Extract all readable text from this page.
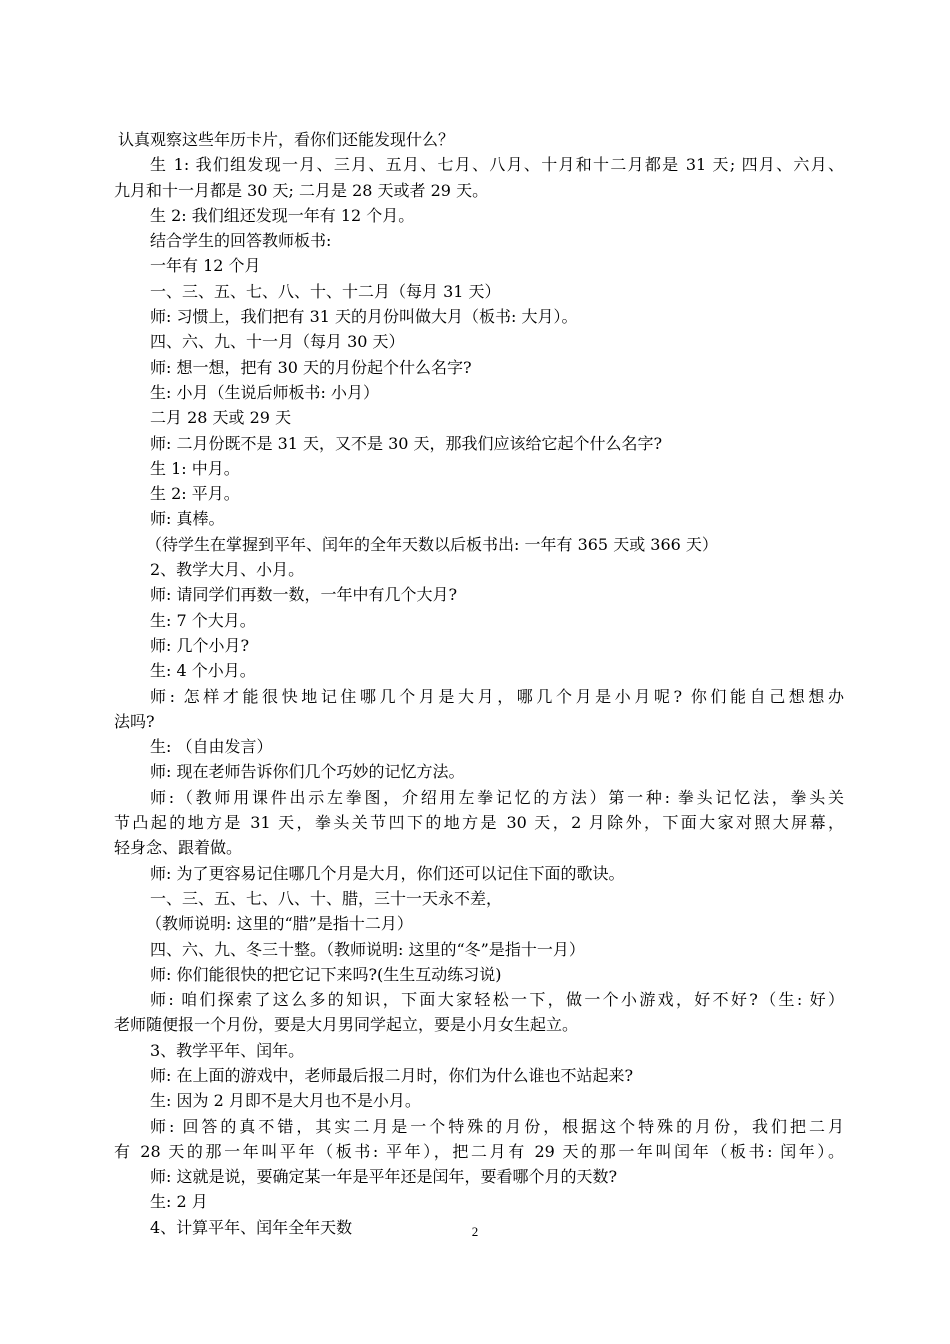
认真观察这些年历卡片，看你们还能发现什么？
生 1: 我们组发现一月、三月、五月、七月、八月、十月和十二月都是 31 天; 四月、六月、
九月和十一月都是 30 天; 二月是 28 天或者 29 天。
生 2: 我们组还发现一年有 12 个月。
结合学生的回答教师板书:
一年有 12 个月
一、三、五、七、八、十、十二月（每月 31 天）
师: 习惯上，我们把有 31 天的月份叫做大月（板书: 大月）。
四、六、九、十一月（每月 30 天）
师: 想一想，把有 30 天的月份起个什么名字?
生: 小月（生说后师板书: 小月）
二月 28 天或 29 天
师: 二月份既不是 31 天，又不是 30 天，那我们应该给它起个什么名字?
生 1: 中月。
生 2: 平月。
师: 真棒。
（待学生在掌握到平年、闰年的全年天数以后板书出: 一年有 365 天或 366 天）
2、教学大月、小月。
师: 请同学们再数一数，一年中有几个大月?
生: 7 个大月。
师: 几个小月?
生: 4 个小月。
师: 怎样才能很快地记住哪几个月是大月，哪几个月是小月呢? 你们能自己想想办
法吗?
生: （自由发言）
师: 现在老师告诉你们几个巧妙的记忆方法。
师:（教师用课件出示左拳图，介绍用左拳记忆的方法）第一种: 拳头记忆法，拳头关
节凸起的地方是 31 天，拳头关节凹下的地方是 30 天，2 月除外，下面大家对照大屏幕，
轻身念、跟着做。
师: 为了更容易记住哪几个月是大月，你们还可以记住下面的歌诀。
一、三、五、七、八、十、腊，三十一天永不差，
（教师说明: 这里的“腊”是指十二月）
四、六、九、冬三十整。（教师说明: 这里的“冬”是指十一月）
师: 你们能很快的把它记下来吗?(生生互动练习说)
师: 咱们探索了这么多的知识，下面大家轻松一下，做一个小游戏，好不好?（生: 好）
老师随便报一个月份，要是大月男同学起立，要是小月女生起立。
3、教学平年、闰年。
师: 在上面的游戏中，老师最后报二月时，你们为什么谁也不站起来?
生: 因为 2 月即不是大月也不是小月。
师: 回答的真不错，其实二月是一个特殊的月份，根据这个特殊的月份，我们把二月
有 28 天的那一年叫平年（板书: 平年），把二月有 29 天的那一年叫闰年（板书: 闰年）。
师: 这就是说，要确定某一年是平年还是闰年，要看哪个月的天数?
生: 2 月
4、计算平年、闰年全年天数	2
